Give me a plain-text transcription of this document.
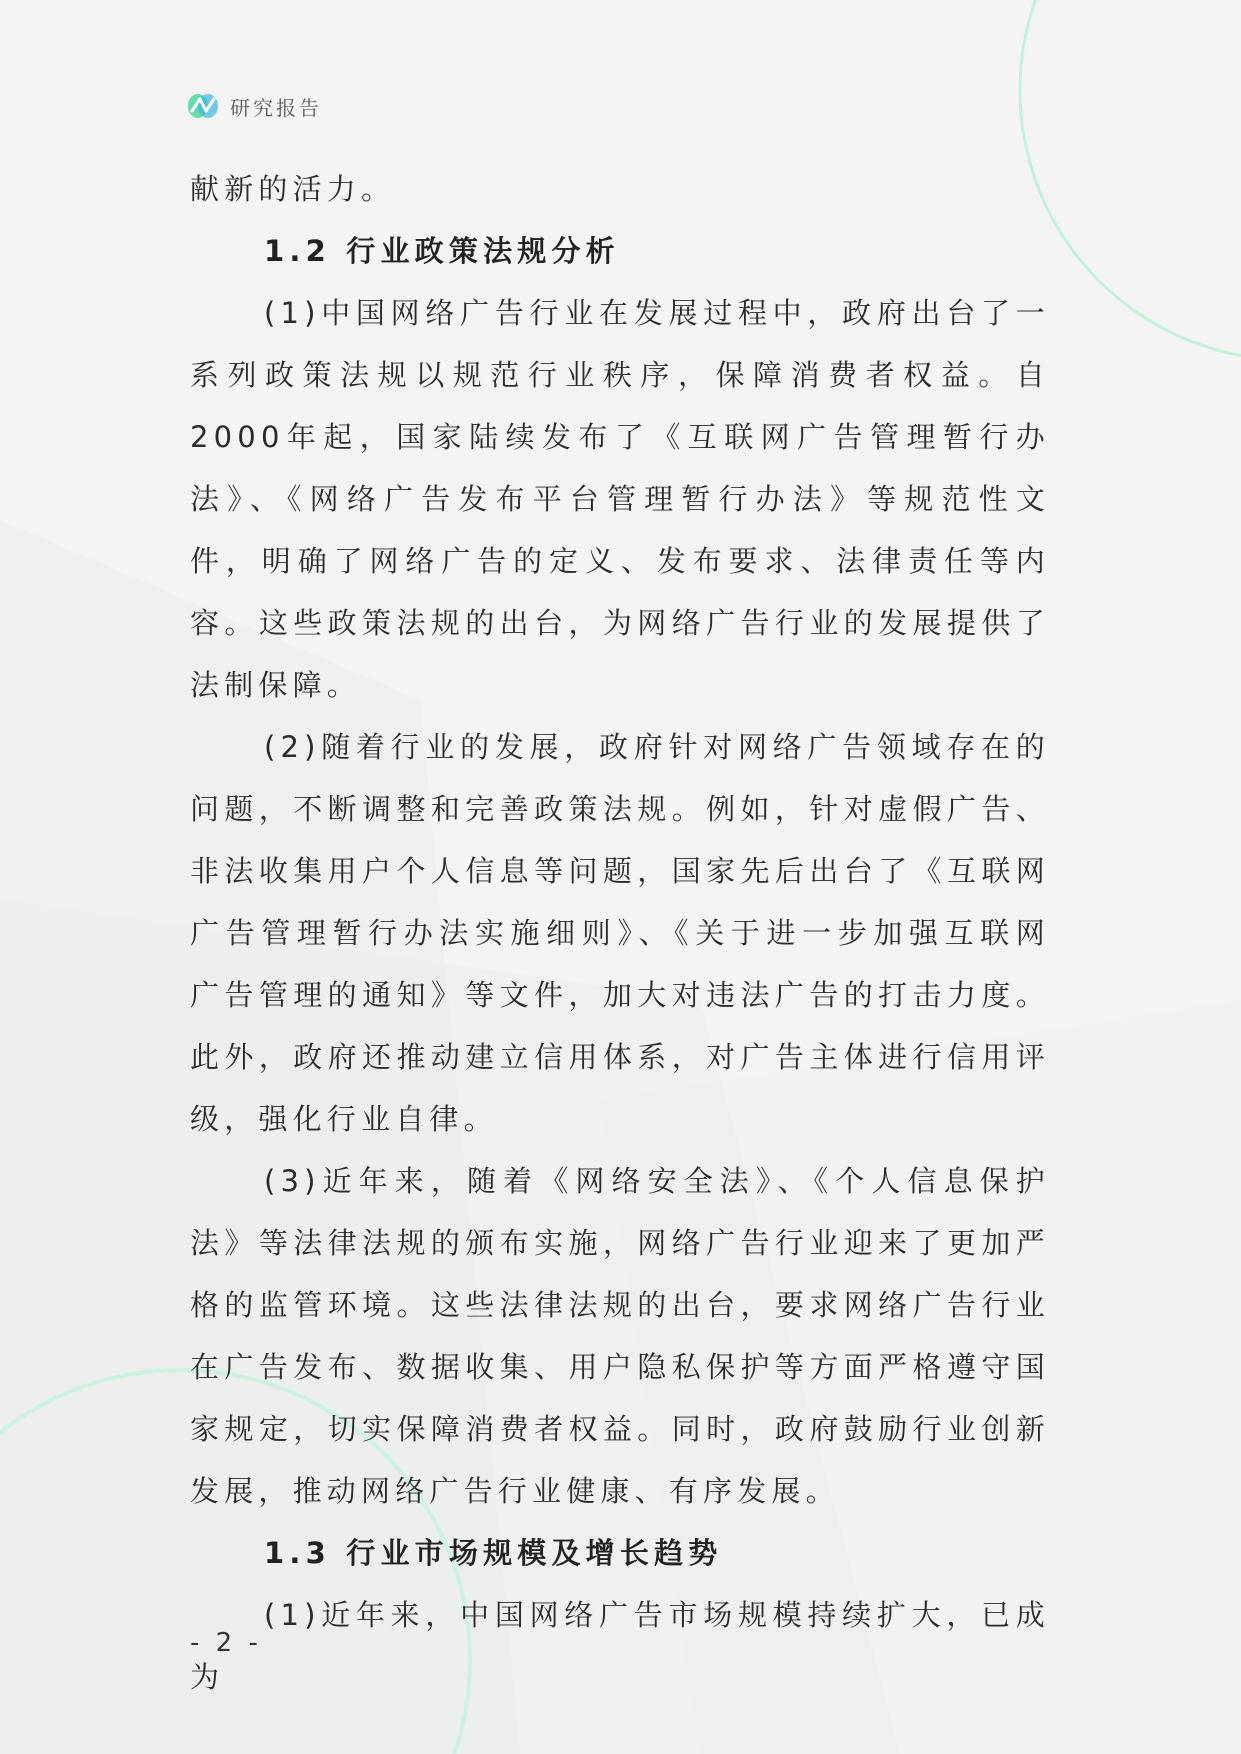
研究报告

献新的活力。

1.2 行业政策法规分析

(1)中国网络广告行业在发展过程中，政府出台了一系列政策法规以规范行业秩序，保障消费者权益。自2000年起，国家陆续发布了《互联网广告管理暂行办法》、《网络广告发布平台管理暂行办法》等规范性文件，明确了网络广告的定义、发布要求、法律责任等内容。这些政策法规的出台，为网络广告行业的发展提供了法制保障。

(2)随着行业的发展，政府针对网络广告领域存在的问题，不断调整和完善政策法规。例如，针对虚假广告、非法收集用户个人信息等问题，国家先后出台了《互联网广告管理暂行办法实施细则》、《关于进一步加强互联网广告管理的通知》等文件，加大对违法广告的打击力度。此外，政府还推动建立信用体系，对广告主体进行信用评级，强化行业自律。

(3)近年来，随着《网络安全法》、《个人信息保护法》等法律法规的颁布实施，网络广告行业迎来了更加严格的监管环境。这些法律法规的出台，要求网络广告行业在广告发布、数据收集、用户隐私保护等方面严格遵守国家规定，切实保障消费者权益。同时，政府鼓励行业创新发展，推动网络广告行业健康、有序发展。

1.3 行业市场规模及增长趋势

(1)近年来，中国网络广告市场规模持续扩大，已成为

- 2 -
